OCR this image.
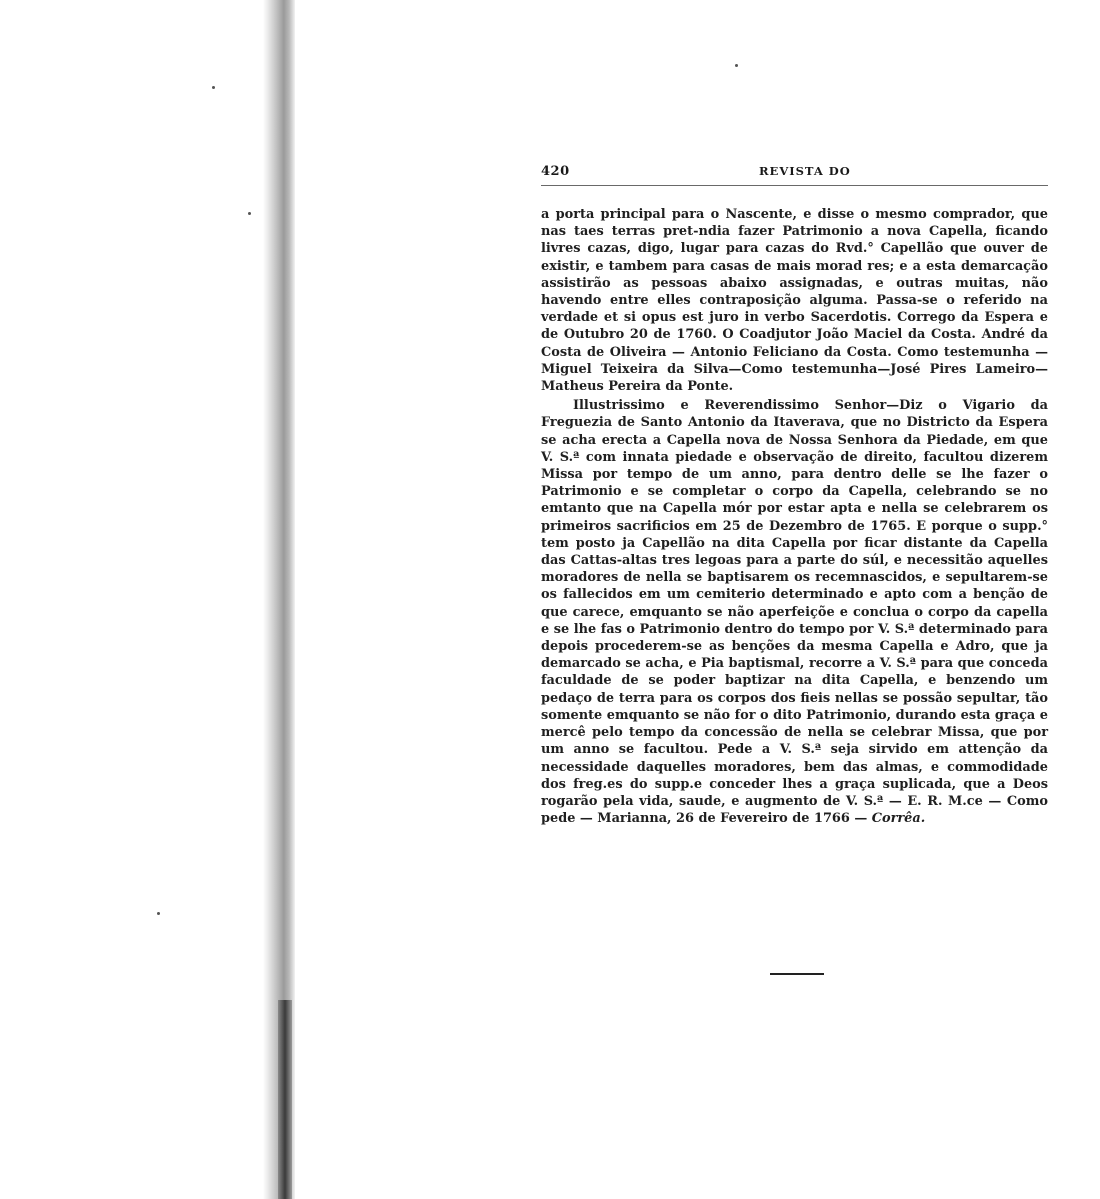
420	REVISTA DO

a porta principal para o Nascente, e disse o mesmo comprador, que nas taes terras pret-ndia fazer Patrimonio a nova Capella, ficando livres cazas, digo, lugar para cazas do Rvd.° Capellão que ouver de existir, e tambem para casas de mais morad res; e a esta demarcação assistirão as pessoas abaixo assignadas, e outras muitas, não havendo entre elles contraposição alguma. Passa-se o referido na verdade et si opus est juro in verbo Sacerdotis. Corrego da Espera e de Outubro 20 de 1760. O Coadjutor João Maciel da Costa. André da Costa de Oliveira — Antonio Feliciano da Costa. Como testemunha — Miguel Teixeira da Silva—Como testemunha—José Pires Lameiro—Matheus Pereira da Ponte.

Illustrissimo e Reverendissimo Senhor—Diz o Vigario da Freguezia de Santo Antonio da Itaverava, que no Districto da Espera se acha erecta a Capella nova de Nossa Senhora da Piedade, em que V. S.ª com innata piedade e observação de direito, facultou dizerem Missa por tempo de um anno, para dentro delle se lhe fazer o Patrimonio e se completar o corpo da Capella, celebrando se no emtanto que na Capella mór por estar apta e nella se celebrarem os primeiros sacrificios em 25 de Dezembro de 1765. E porque o supp.° tem posto ja Capellão na dita Capella por ficar distante da Capella das Cattas-altas tres legoas para a parte do súl, e necessitão aquelles moradores de nella se baptisarem os recemnascidos, e sepultarem-se os fallecidos em um cemiterio determinado e apto com a benção de que carece, emquanto se não aperfeiçõe e conclua o corpo da capella e se lhe fas o Patrimonio dentro do tempo por V. S.ª determinado para depois procederem-se as benções da mesma Capella e Adro, que ja demarcado se acha, e Pia baptismal, recorre a V. S.ª para que conceda faculdade de se poder baptizar na dita Capella, e benzendo um pedaço de terra para os corpos dos fieis nellas se possão sepultar, tão somente emquanto se não for o dito Patrimonio, durando esta graça e mercê pelo tempo da concessão de nella se celebrar Missa, que por um anno se facultou. Pede a V. S.ª seja sirvido em attenção da necessidade daquelles moradores, bem das almas, e commodidade dos freg.es do supp.e conceder lhes a graça suplicada, que a Deos rogarão pela vida, saude, e augmento de V. S.ª — E. R. M.ce — Como pede — Marianna, 26 de Fevereiro de 1766 — Corrêa.
